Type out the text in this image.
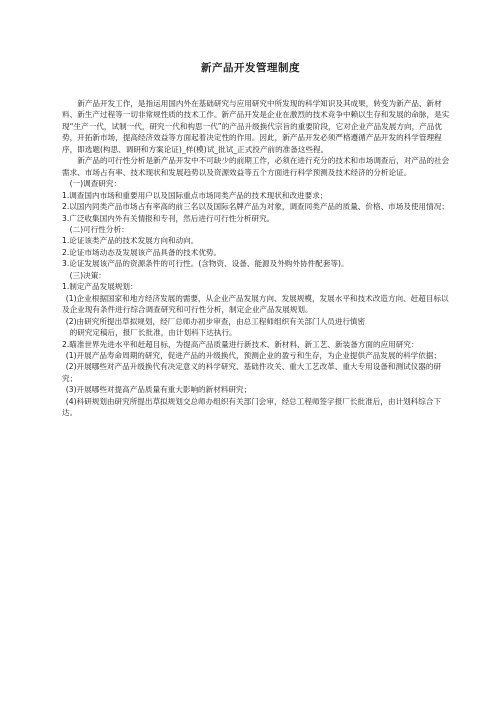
新产品开发管理制度

新产品开发工作，是指运用国内外在基础研究与应用研究中所发现的科学知识及其成果，转变为新产品、新材料、新生产过程等一切非常规性质的技术工作。新产品开发是企业在激烈的技术竞争中赖以生存和发展的命脉，是实现“生产一代，试制一代，研究一代和构思一代”的产品升级换代宗旨的重要阶段，它对企业产品发展方向，产品优势，开拓新市场，提高经济效益等方面起着决定性的作用。因此，新产品开发必须严格遵循产品开发的科学管理程序，即选题(构思、调研和方案论证)_样(模)试_批试_正式投产前的准备这些程。

新产品的可行性分析是新产品开发中不可缺少的前期工作，必须在进行充分的技术和市场调查后，对产品的社会需求、市场占有率、技术现状和发展趋势以及资源效益等五个方面进行科学预测及技术经济的分析论证。

(一)调查研究：

1.调查国内市场和重要用户以及国际重点市场同类产品的技术现状和改进要求；

2.以国内同类产品市场占有率高的前三名以及国际名牌产品为对象，调查同类产品的质量、价格、市场及使用情况；

3.广泛收集国内外有关情报和专刊，然后进行可行性分析研究。

(二)可行性分析：

1.论证该类产品的技术发展方向和动向。

2.论证市场动态及发展该产品具备的技术优势。

3.论证发展该产品的资源条件的可行性。(含物资、设备、能源及外购外协件配套等)。

(三)决策：

1.制定产品发展规划：

(1)企业根据国家和地方经济发展的需要，从企业产品发展方向、发展规模，发展水平和技术改造方向、赶超目标以及企业现有条件进行综合调查研究和可行性分析，制定企业产品发展规划。

(2)由研究所提出草拟规划，经厂总师办初步审查，由总工程师组织有关部门人员进行慎密

的研究定稿后，报厂长批准，由计划科下达执行。

2.瞄准世界先进水平和赶超目标，为提高产品质量进行新技术、新材料、新工艺、新装备方面的应用研究：

(1)开展产品寿命周期的研究，促进产品的升级换代，预测企业的盈亏和生存，为企业提供产品发展的科学依据；

(2)开展哪些对产品升级换代有决定意义的科学研究、基础件攻关、重大工艺改革、重大专用设备和测试仪器的研究；

(3)开展哪些对提高产品质量有重大影响的新材料研究；

(4)科研规划由研究所提出草拟规划交总师办组织有关部门会审，经总工程师签字报厂长批准后，由计划科综合下达。
